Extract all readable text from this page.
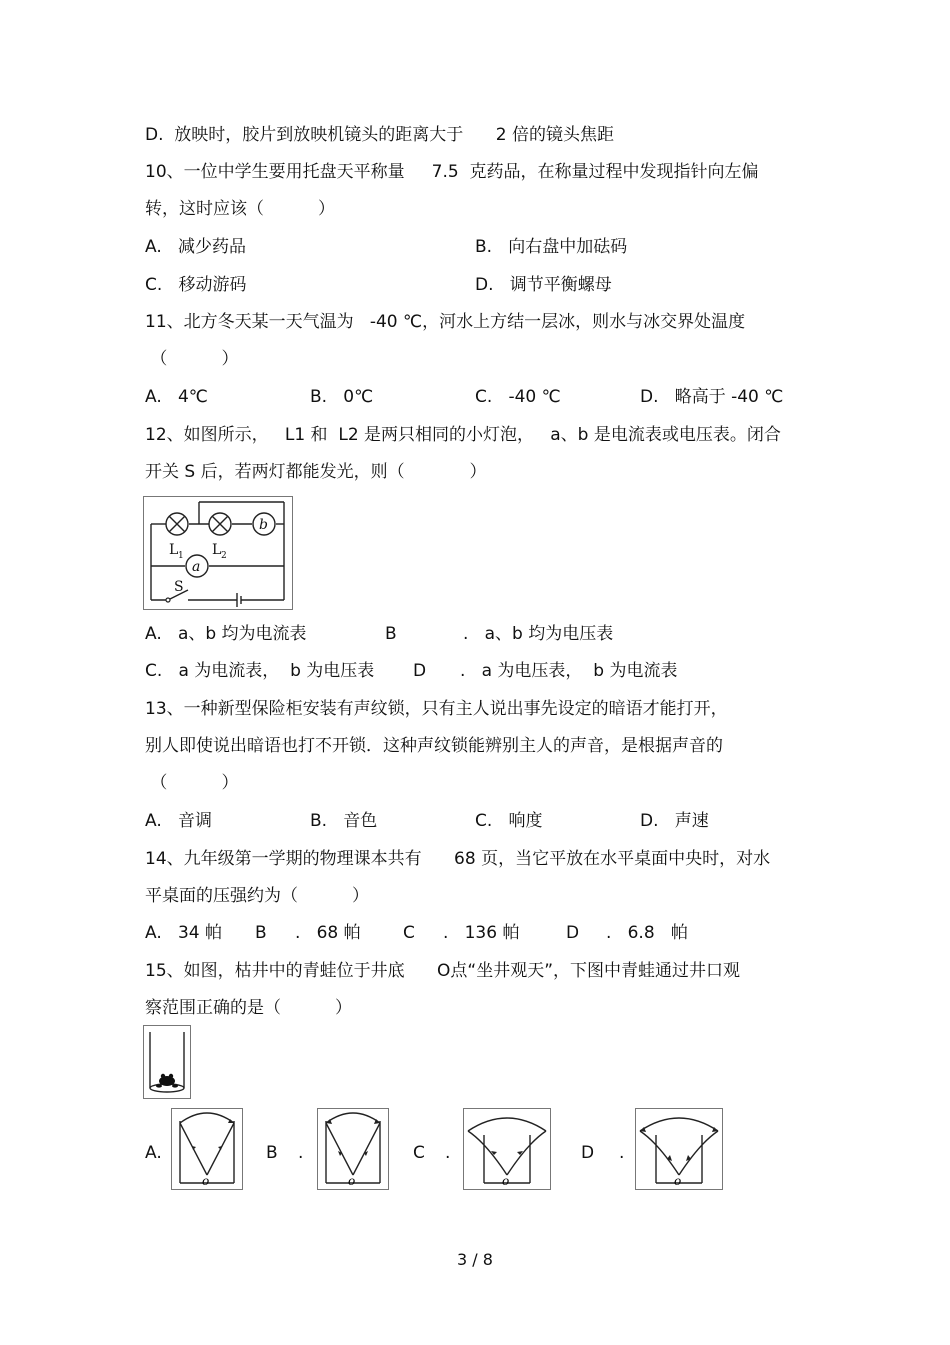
D.  放映时，胶片到放映机镜头的距离大于      2 倍的镜头焦距
10、一位中学生要用托盘天平称量     7.5  克药品，在称量过程中发现指针向左偏
转，这时应该（          ）
A.   减少药品	B.   向右盘中加砝码
C.   移动游码	D.   调节平衡螺母
11、北方冬天某一天气温为   -40 ℃，河水上方结一层冰，则水与冰交界处温度
（          ）
A.   4℃	B.   0℃	C.   -40 ℃	D.   略高于 -40 ℃
12、如图所示，   L1 和  L2 是两只相同的小灯泡，   a、b 是电流表或电压表。闭合
开关 S 后，若两灯都能发光，则（            ）
b
a
L 1 L 2
S
A.   a、b 均为电流表	B	.   a、b 均为电压表
C.   a 为电流表，  b 为电压表 D .   a 为电压表，  b 为电流表
13、一种新型保险柜安装有声纹锁，只有主人说出事先设定的暗语才能打开，
别人即使说出暗语也打不开锁．这种声纹锁能辨别主人的声音，是根据声音的
（          ）
A.   音调	B.   音色	C.   响度	D.   声速
14、九年级第一学期的物理课本共有      68 页，当它平放在水平桌面中央时，对水
平桌面的压强约为（          ）
A.   34 帕 B .   68 帕 C .   136 帕	D .   6.8   帕
15、如图，枯井中的青蛙位于井底      O点“坐井观天”，下图中青蛙通过井口观
察范围正确的是（          ）
A.	B .	C .	D .
o	o	o	o
3 / 8
